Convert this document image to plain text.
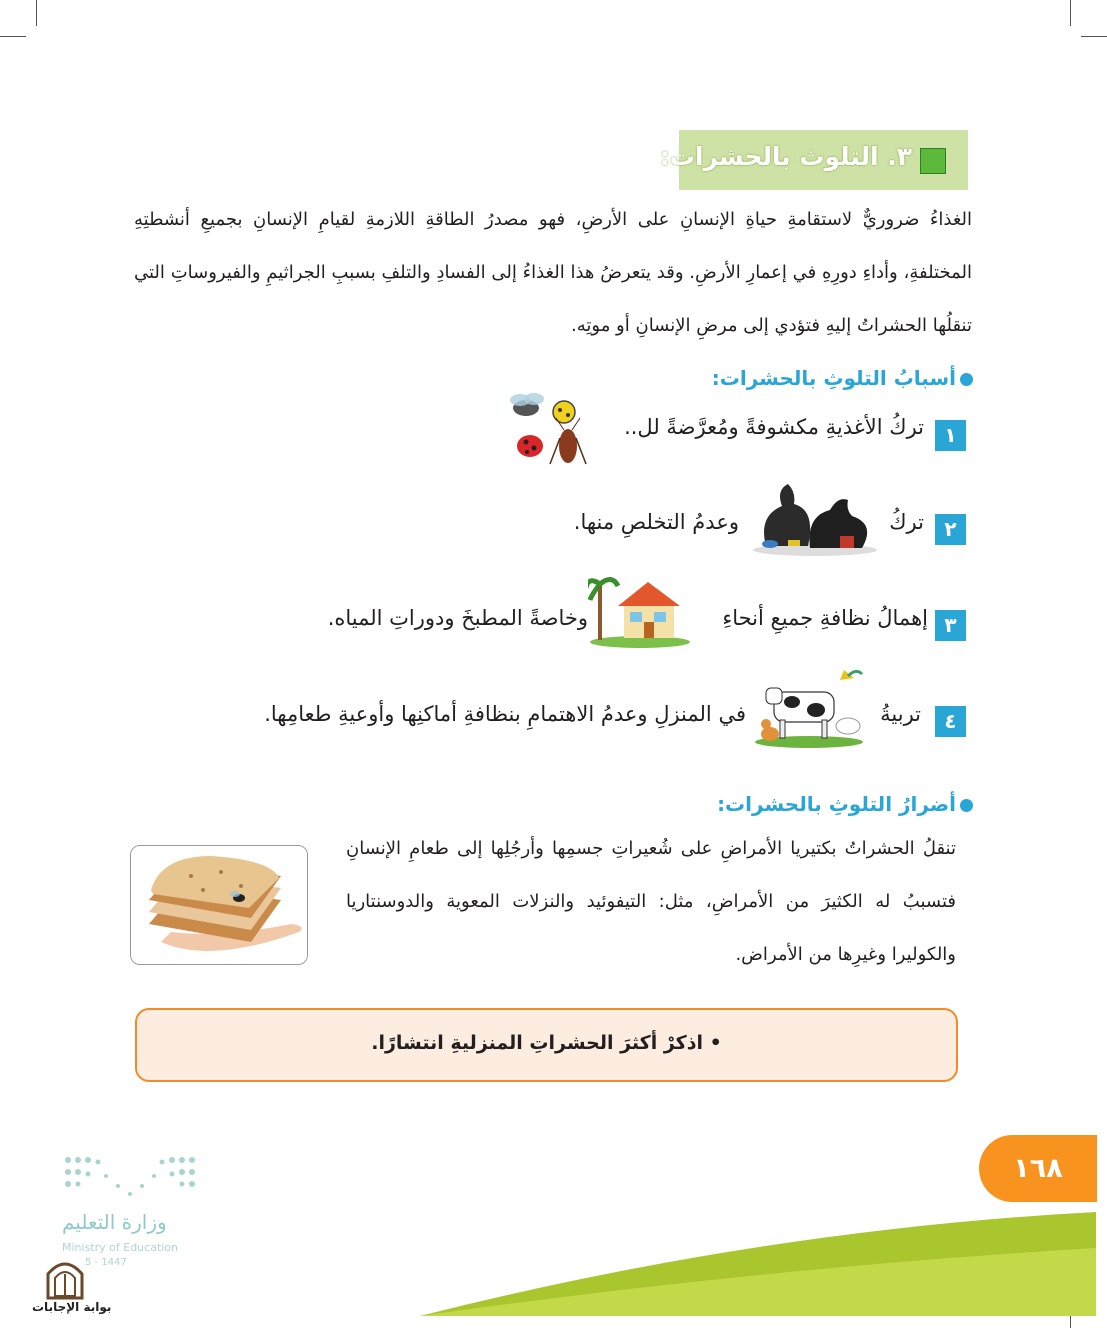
٣. التلوث بالحشرات:
الغذاءُ ضروريٌّ لاستقامةِ حياةِ الإنسانِ على الأرضِ، فهو مصدرُ الطاقةِ اللازمةِ لقيامِ الإنسانِ بجميعِ أنشطتِهِ المختلفةِ، وأداءِ دورِهِ في إعمارِ الأرضِ. وقد يتعرضُ هذا الغذاءُ إلى الفسادِ والتلفِ بسببِ الجراثيمِ والفيروساتِ التي تنقلُها الحشراتُ إليهِ فتؤدي إلى مرضِ الإنسانِ أو موتِه.
أسبابُ التلوثِ بالحشرات:
١
تركُ الأغذيةِ مكشوفةً ومُعرَّضةً لل..
٢
تركُ
وعدمُ التخلصِ منها.
٣
إهمالُ نظافةِ جميعِ أنحاءِ
وخاصةً المطبخَ ودوراتِ المياه.
٤
تربيةُ
في المنزلِ وعدمُ الاهتمامِ بنظافةِ أماكنِها وأوعيةِ طعامِها.
أضرارُ التلوثِ بالحشرات:
تنقلُ الحشراتُ بكتيريا الأمراضِ على شُعيراتِ جسمِها وأرجُلِها إلى طعامِ الإنسانِ فتسببُ له الكثيرَ من الأمراضِ، مثل: التيفوئيد والنزلات المعوية والدوسنتاريا والكوليرا وغيرِها من الأمراض.
• اذكرْ أكثرَ الحشراتِ المنزليةِ انتشارًا.
١٦٨
وزارة التعليم
Ministry of Education
5 - 1447
بوابة الإجابات
